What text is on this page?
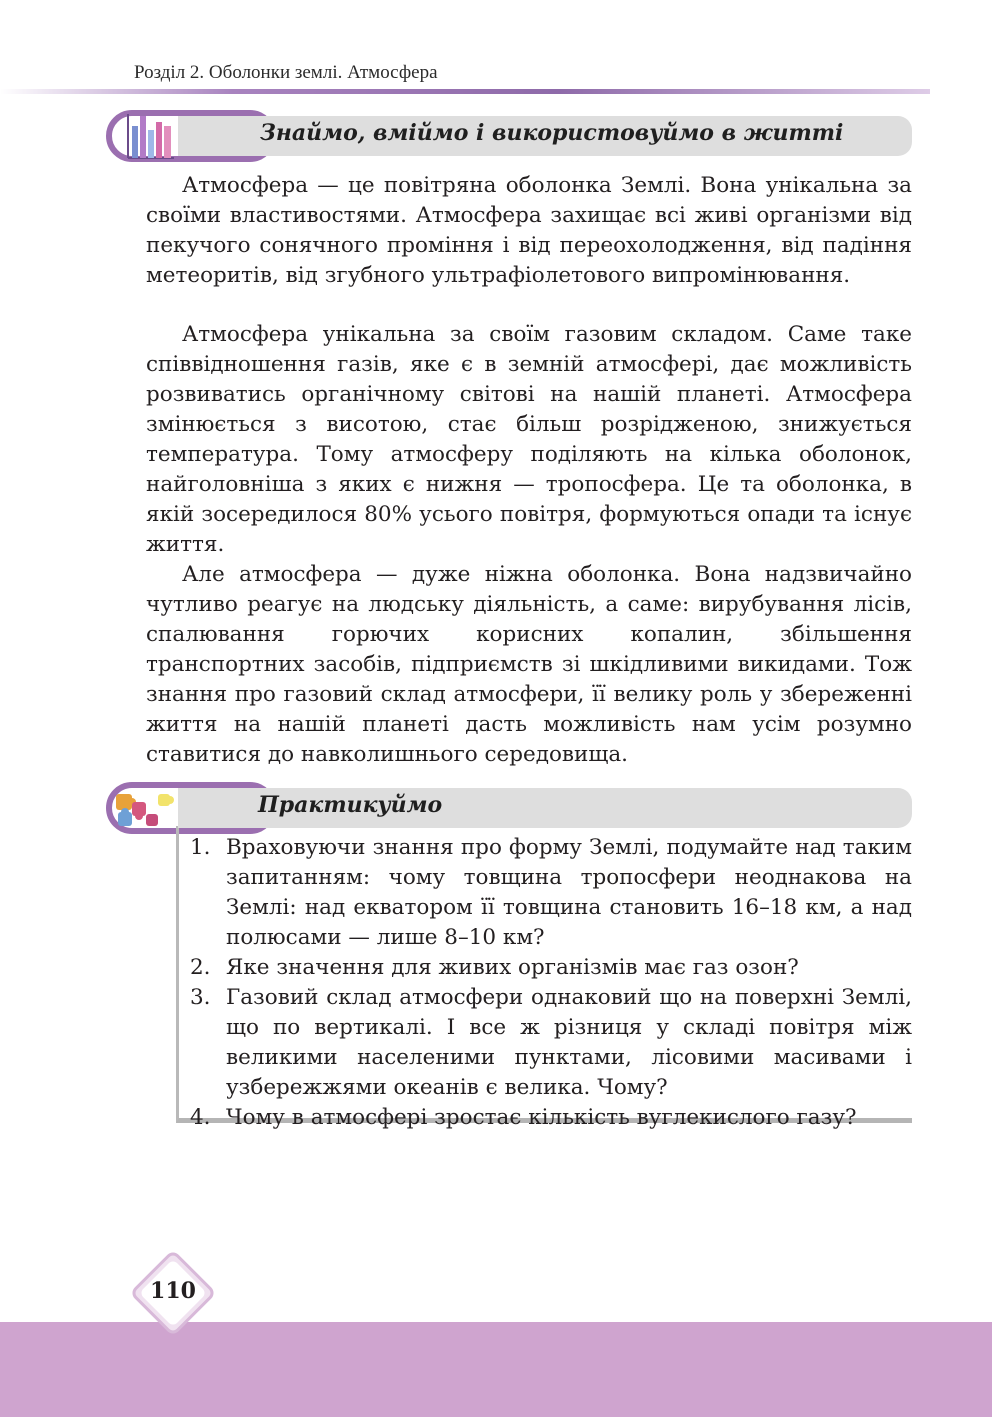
Розділ 2. Оболонки землі. Атмосфера
Знаймо, вміймо і використовуймо в житті

Атмосфера — це повітряна оболонка Землі. Вона унікальна за своїми властивостями. Атмосфера захищає всі живі організми від пекучого сонячного проміння і від переохолодження, від падіння метеоритів, від згубного ультрафіолетового випромінювання.

Атмосфера унікальна за своїм газовим складом. Саме таке співвідношення газів, яке є в земній атмосфері, дає можливість розвиватись органічному світові на нашій планеті. Атмосфера змінюється з висотою, стає більш розрідженою, знижується температура. Тому атмосферу поділяють на кілька оболонок, найголовніша з яких є нижня — тропосфера. Це та оболонка, в якій зосередилося 80% усього повітря, формуються опади та існує життя.

Але атмосфера — дуже ніжна оболонка. Вона надзвичайно чутливо реагує на людську діяльність, а саме: вирубування лісів, спалювання горючих корисних копалин, збільшення транспортних засобів, підприємств зі шкідливими викидами. Тож знання про газовий склад атмосфери, її велику роль у збереженні життя на нашій планеті дасть можливість нам усім розумно ставитися до навколишнього середовища.

Практикуймо
1. Враховуючи знання про форму Землі, подумайте над таким запитанням: чому товщина тропосфери неоднакова на Землі: над екватором її товщина становить 16–18 км, а над полюсами — лише 8–10 км?
2. Яке значення для живих організмів має газ озон?
3. Газовий склад атмосфери однаковий що на поверхні Землі, що по вертикалі. І все ж різниця у складі повітря між великими населеними пунктами, лісовими масивами і узбережжями океанів є велика. Чому?
4. Чому в атмосфері зростає кількість вуглекислого газу?
110
